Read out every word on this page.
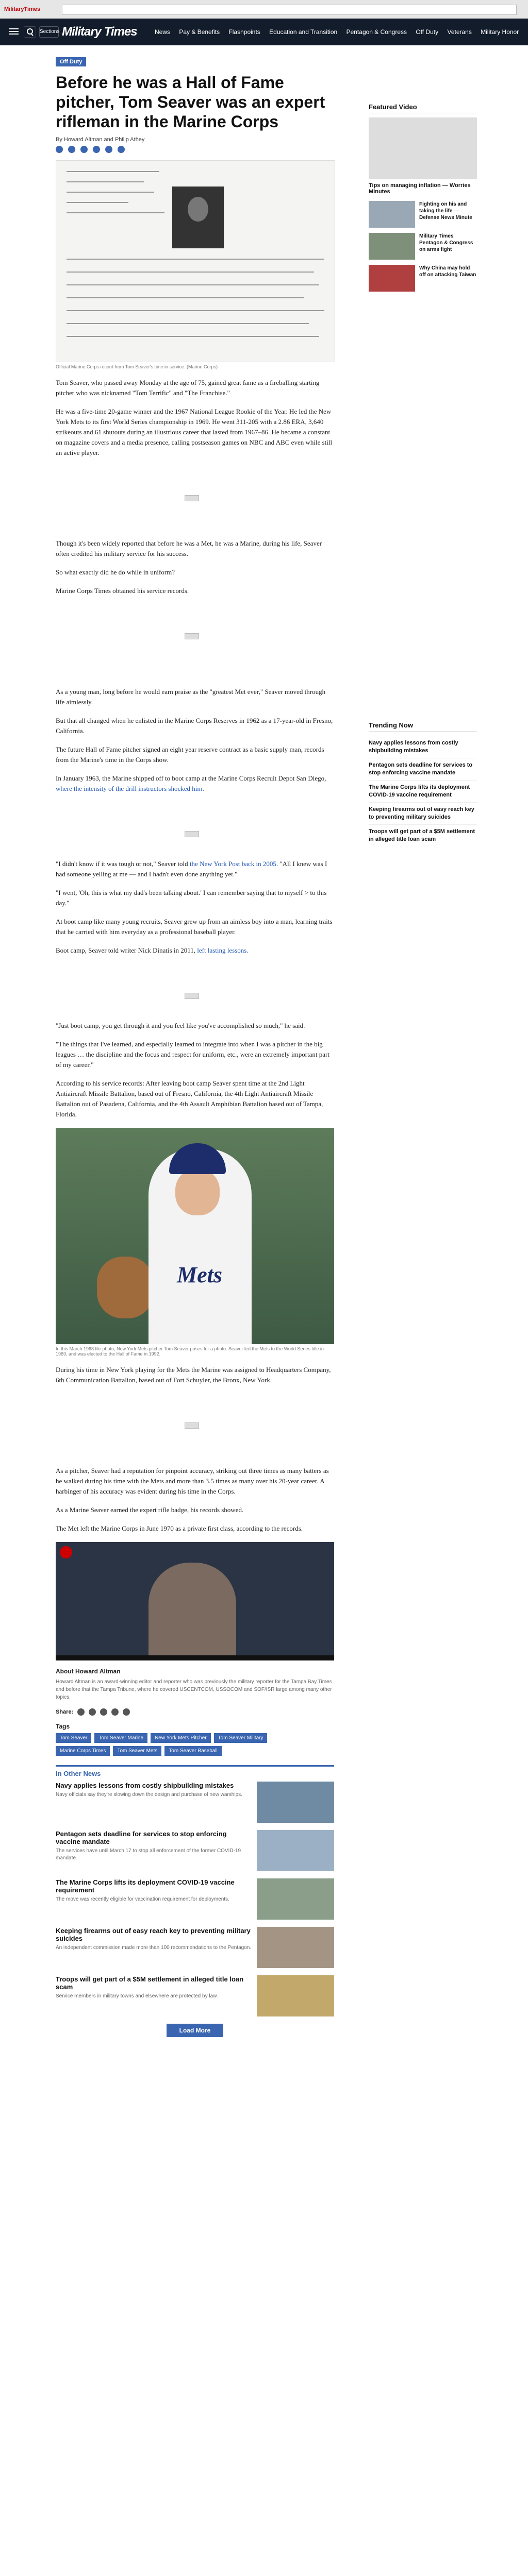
MilitaryTimes
Sections Military Times	News Pay & Benefits Flashpoints Education and Transition Pentagon & Congress Off Duty Veterans Military Honor
Off Duty
Before he was a Hall of Fame pitcher, Tom Seaver was an expert rifleman in the Marine Corps
By Howard Altman and Philip Athey
Official Marine Corps record from Tom Seaver's time in service. (Marine Corps)

Tom Seaver, who passed away Monday at the age of 75, gained great fame as a fireballing starting pitcher who was nicknamed "Tom Terrific" and "The Franchise."

He was a five-time 20-game winner and the 1967 National League Rookie of the Year. He led the New York Mets to its first World Series championship in 1969. He went 311-205 with a 2.86 ERA, 3,640 strikeouts and 61 shutouts during an illustrious career that lasted from 1967–86. He became a constant on magazine covers and a media presence, calling postseason games on NBC and ABC even while still an active player.

Though it's been widely reported that before he was a Met, he was a Marine, during his life, Seaver often credited his military service for his success.

So what exactly did he do while in uniform?

Marine Corps Times obtained his service records.

As a young man, long before he would earn praise as the "greatest Met ever," Seaver moved through life aimlessly.

But that all changed when he enlisted in the Marine Corps Reserves in 1962 as a 17-year-old in Fresno, California.

The future Hall of Fame pitcher signed an eight year reserve contract as a basic supply man, records from the Marine's time in the Corps show.

In January 1963, the Marine shipped off to boot camp at the Marine Corps Recruit Depot San Diego, where the intensity of the drill instructors shocked him.

"I didn't know if it was tough or not," Seaver told the New York Post back in 2005. "All I knew was I had someone yelling at me — and I hadn't even done anything yet."

"I went, 'Oh, this is what my dad's been talking about.' I can remember saying that to myself > to this day."

At boot camp like many young recruits, Seaver grew up from an aimless boy into a man, learning traits that he carried with him everyday as a professional baseball player.

Boot camp, Seaver told writer Nick Dinatis in 2011, left lasting lessons.

"Just boot camp, you get through it and you feel like you've accomplished so much," he said.

"The things that I've learned, and especially learned to integrate into when I was a pitcher in the big leagues … the discipline and the focus and respect for uniform, etc., were an extremely important part of my career."

According to his service records: After leaving boot camp Seaver spent time at the 2nd Light Antiaircraft Missile Battalion, based out of Fresno, California, the 4th Light Antiaircraft Missile Battalion out of Pasadena, California, and the 4th Assault Amphibian Battalion based out of Tampa, Florida.

Mets
In this March 1968 file photo, New York Mets pitcher Tom Seaver poses for a photo. Seaver led the Mets to the World Series title in 1969, and was elected to the Hall of Fame in 1992.

During his time in New York playing for the Mets the Marine was assigned to Headquarters Company, 6th Communication Battalion, based out of Fort Schuyler, the Bronx, New York.

As a pitcher, Seaver had a reputation for pinpoint accuracy, striking out three times as many batters as he walked during his time with the Mets and more than 3.5 times as many over his 20-year career. A harbinger of his accuracy was evident during his time in the Corps.

As a Marine Seaver earned the expert rifle badge, his records showed.

The Met left the Marine Corps in June 1970 as a private first class, according to the records.

About Howard Altman
Howard Altman is an award-winning editor and reporter who was previously the military reporter for the Tampa Bay Times and before that the Tampa Tribune, where he covered USCENTCOM, USSOCOM and SOF/ISR large among many other topics.
Share:
Tags
Tom Seaver	Tom Seaver Marine	New York Mets Pitcher	Tom Seaver Military
Marine Corps Times	Tom Seaver Mets	Tom Seaver Baseball
In Other News
Navy applies lessons from costly shipbuilding mistakes
Navy officials say they're slowing down the design and purchase of new warships.
Pentagon sets deadline for services to stop enforcing vaccine mandate
The services have until March 17 to stop all enforcement of the former COVID-19 mandate.
The Marine Corps lifts its deployment COVID-19 vaccine requirement
The move was recently eligible for vaccination requirement for deployments.
Keeping firearms out of easy reach key to preventing military suicides
An independent commission made more than 100 recommendations to the Pentagon.
Troops will get part of a $5M settlement in alleged title loan scam
Service members in military towns and elsewhere are protected by law.
Load More
Featured Video
Tips on managing inflation — Worries Minutes
Fighting on his and taking the life — Defense News Minute
Military Times Pentagon & Congress on arms fight
Why China may hold off on attacking Taiwan
Trending Now
Navy applies lessons from costly shipbuilding mistakes
Pentagon sets deadline for services to stop enforcing vaccine mandate
The Marine Corps lifts its deployment COVID-19 vaccine requirement
Keeping firearms out of easy reach key to preventing military suicides
Troops will get part of a $5M settlement in alleged title loan scam
